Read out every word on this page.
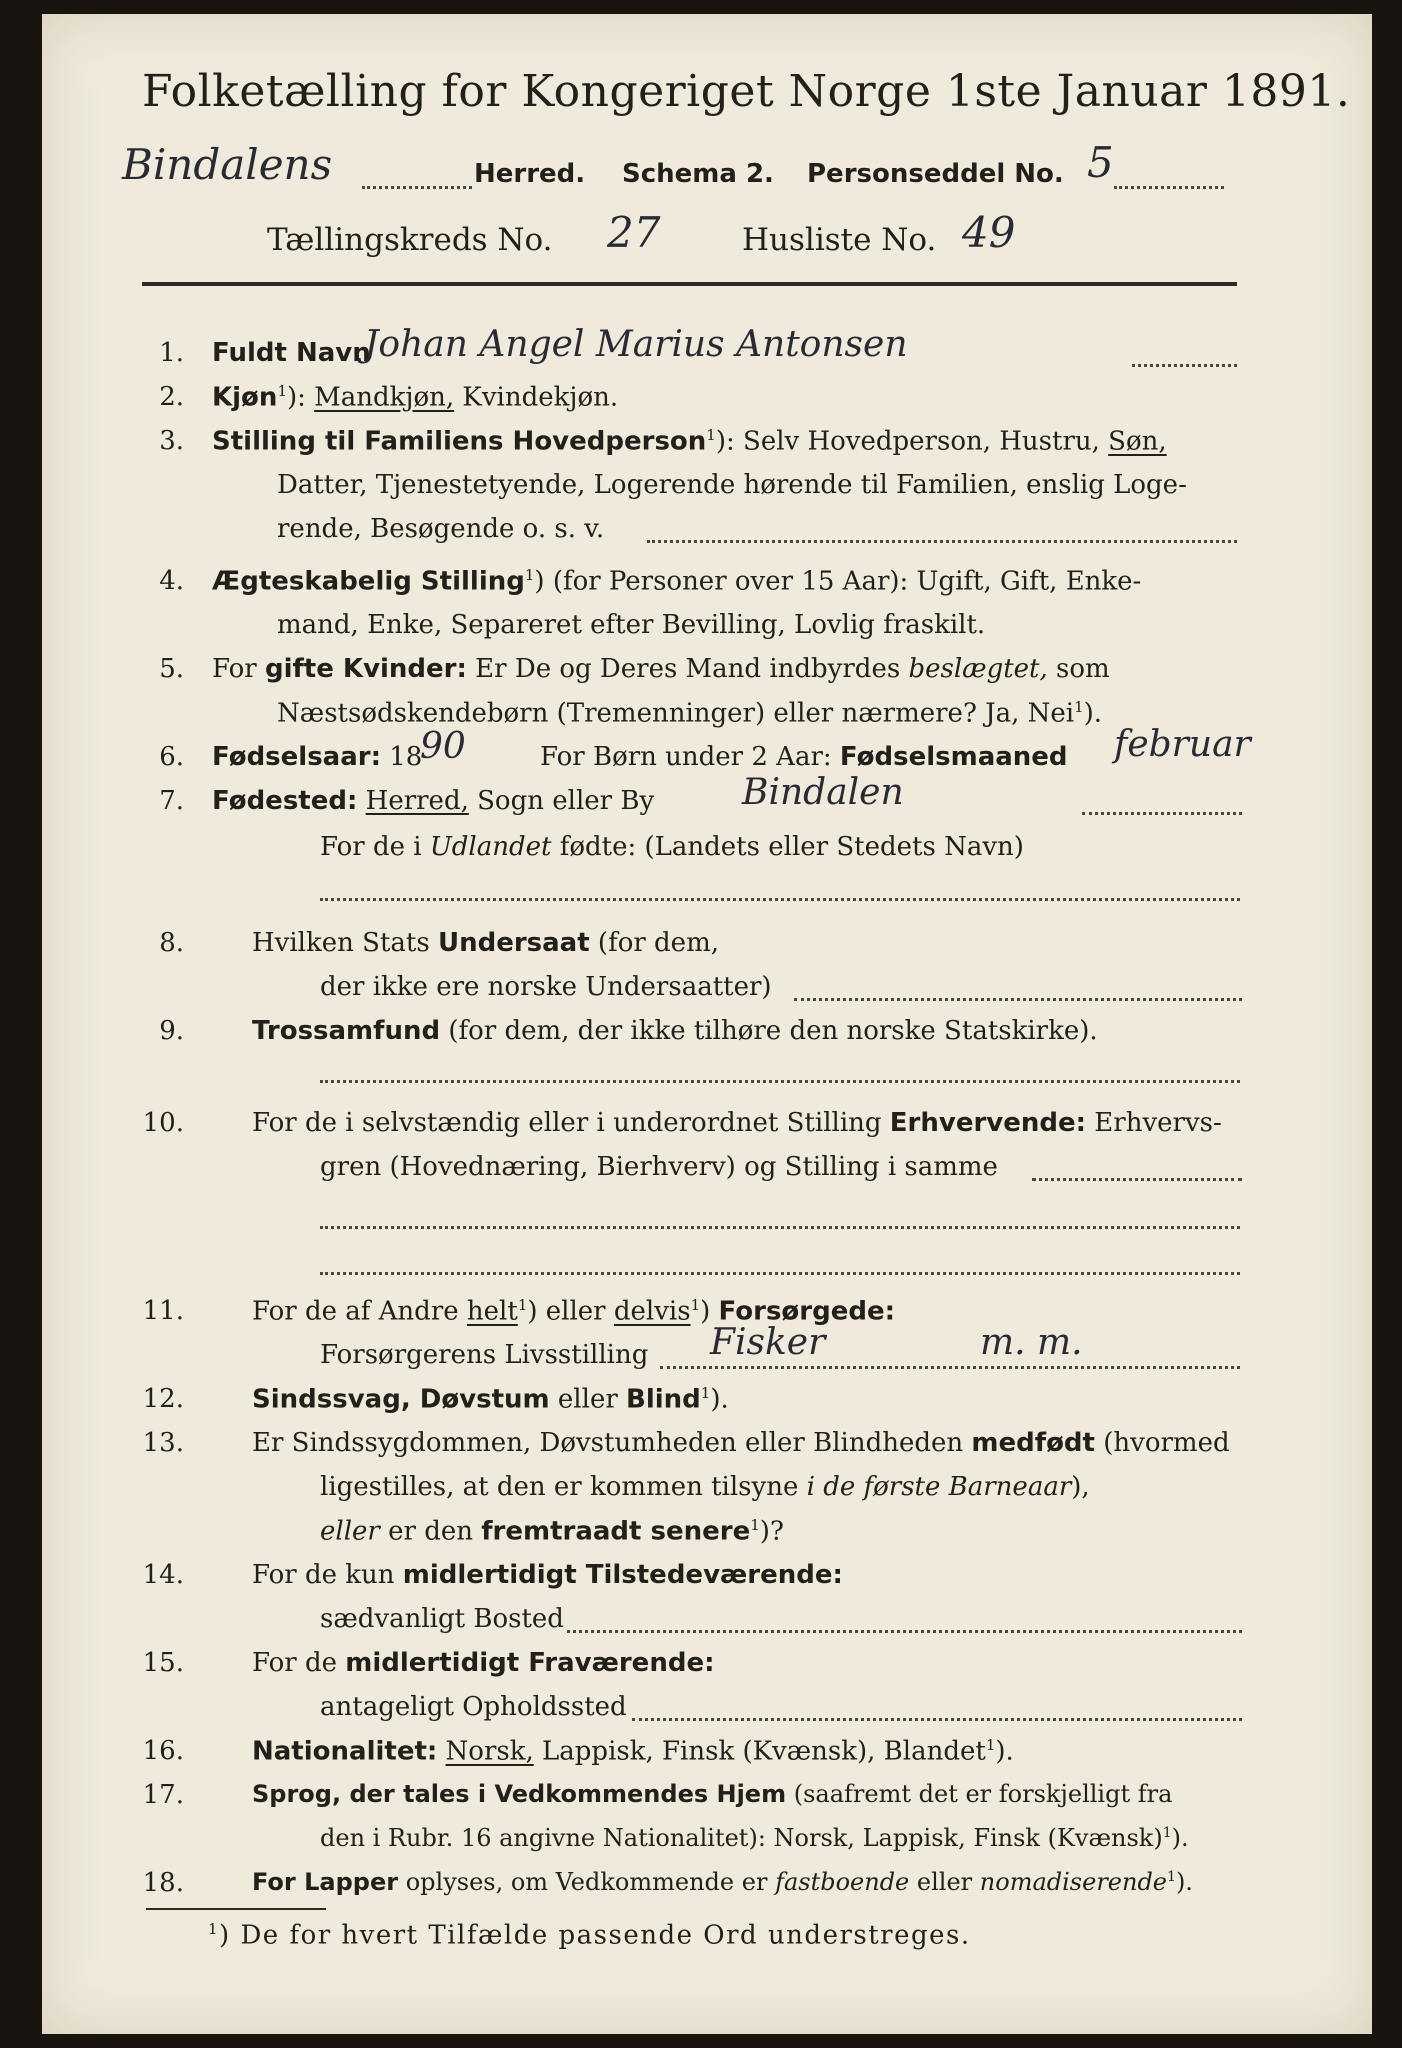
Folketælling for Kongeriget Norge 1ste Januar 1891.
Bindalens	Herred. Schema 2. Personseddel No. 5
Tællingskreds No. 27	Husliste No. 49
1. Fuldt Navn
Johan Angel Marius Antonsen
2. Kjøn$^1$): Mandkjøn, Kvindekjøn.
3. Stilling til Familiens Hovedperson$^1$): Selv Hovedperson, Hustru, Søn,
Datter, Tjenestetyende, Logerende hørende til Familien, enslig Loge-
rende, Besøgende o. s. v.
4. Ægteskabelig Stilling$^1$) (for Personer over 15 Aar): Ugift, Gift, Enke-
mand, Enke, Separeret efter Bevilling, Lovlig fraskilt.
5. For gifte Kvinder: Er De og Deres Mand indbyrdes beslægtet, som
Næstsødskendebørn (Tremenninger) eller nærmere? Ja, Nei$^1$).
6. Fødselsaar: 18
90	For Børn under 2 Aar: Fødselsmaaned februar
7. Fødested: Herred, Sogn eller By Bindalen
For de i Udlandet fødte: (Landets eller Stedets Navn)
8.	Hvilken Stats Undersaat (for dem,
der ikke ere norske Undersaatter)
9.	Trossamfund (for dem, der ikke tilhøre den norske Statskirke).
10.	For de i selvstændig eller i underordnet Stilling Erhvervende: Erhvervs-
gren (Hovednæring, Bierhverv) og Stilling i samme
11.	For de af Andre helt$^1$) eller delvis$^1$) Forsørgede:
Forsørgerens Livsstilling Fisker	m. m.
12.	Sindssvag, Døvstum eller Blind$^1$).
13.	Er Sindssygdommen, Døvstumheden eller Blindheden medfødt (hvormed
ligestilles, at den er kommen tilsyne i de første Barneaar),
eller er den fremtraadt senere$^1$)?
14.	For de kun midlertidigt Tilstedeværende:
sædvanligt Bosted
15.	For de midlertidigt Fraværende:
antageligt Opholdssted
16.	Nationalitet: Norsk, Lappisk, Finsk (Kvænsk), Blandet$^1$).
17.	Sprog, der tales i Vedkommendes Hjem (saafremt det er forskjelligt fra
den i Rubr. 16 angivne Nationalitet): Norsk, Lappisk, Finsk (Kvænsk)$^1$).
18.	For Lapper oplyses, om Vedkommende er fastboende eller nomadiserende$^1$).
$^1$) De for hvert Tilfælde passende Ord understreges.
